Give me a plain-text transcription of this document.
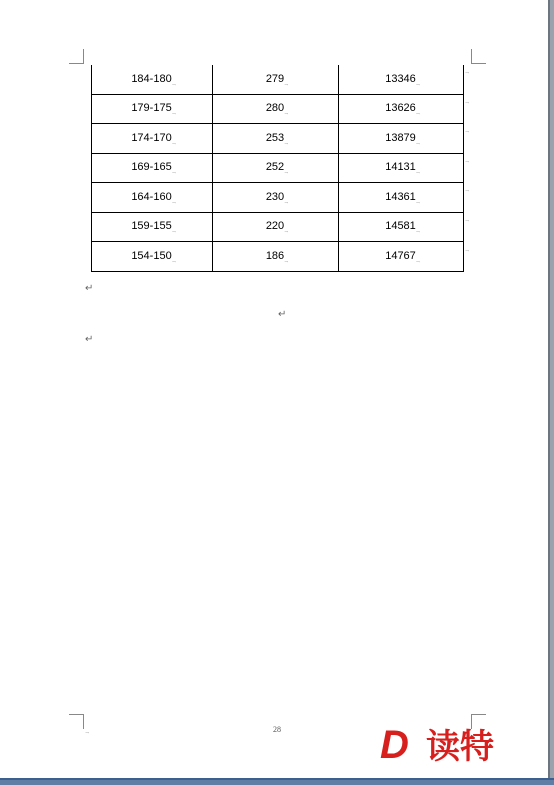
184-180	279	13346
179-175	280	13626
174-170	253	13879
169-165	252	14131
164-160	230	14361
159-155	220	14581
154-150	186	14767
↵
↵
↵
28 D 读特
